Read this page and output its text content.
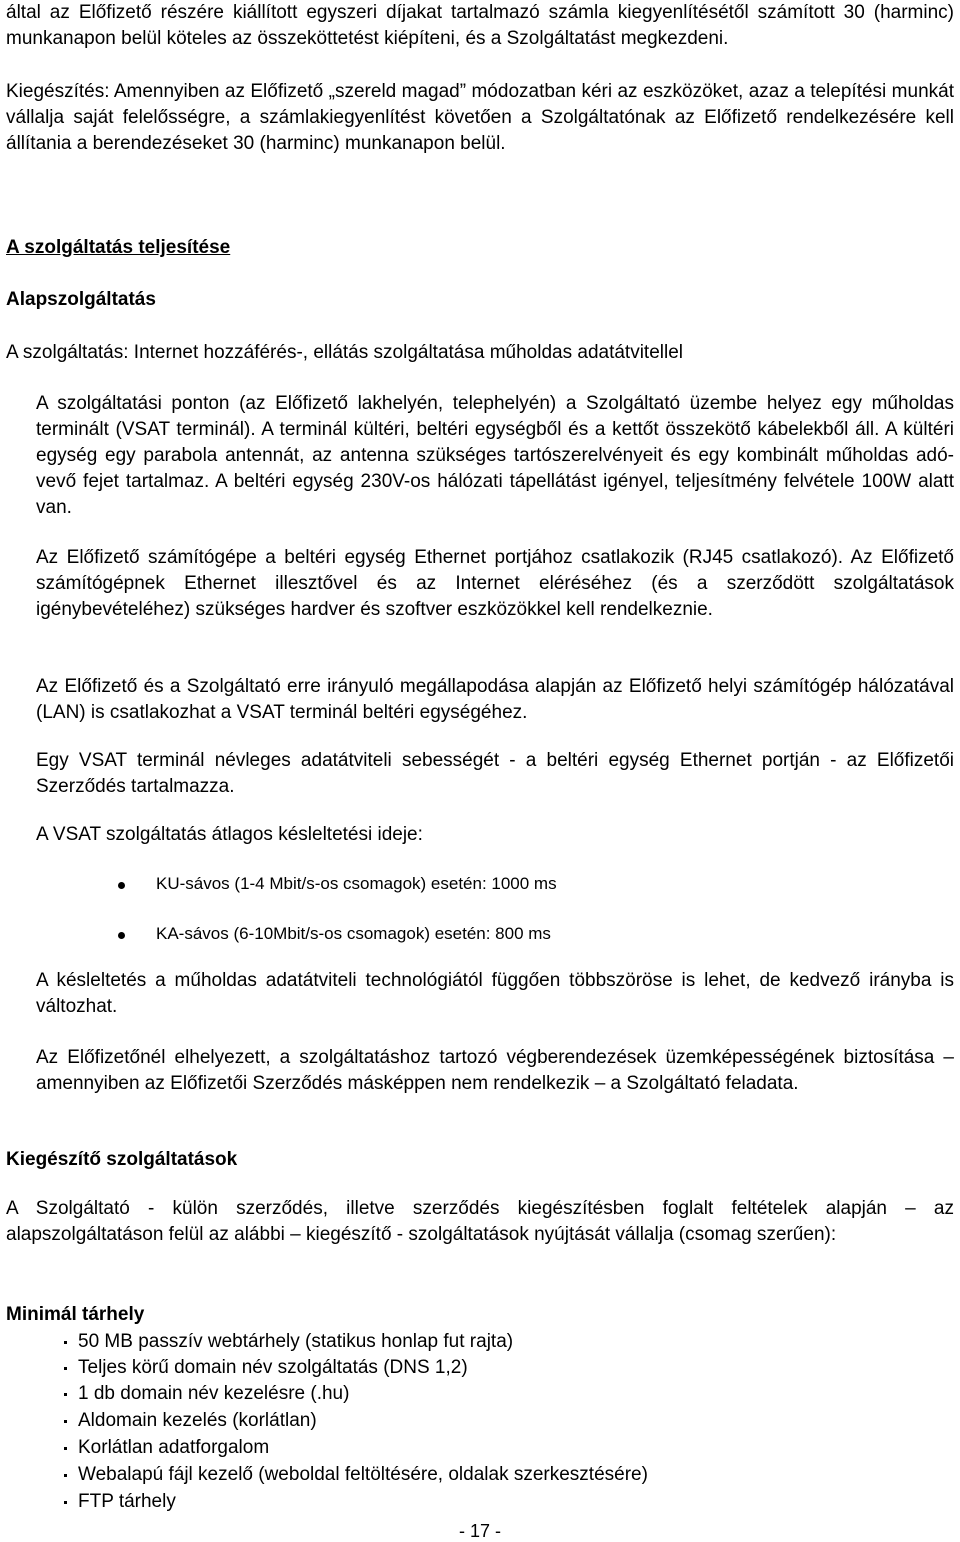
által az Előfizető részére kiállított egyszeri díjakat tartalmazó számla kiegyenlítésétől számított 30 (harminc) munkanapon belül köteles az összeköttetést kiépíteni, és a Szolgáltatást megkezdeni.

Kiegészítés: Amennyiben az Előfizető „szereld magad” módozatban kéri az eszközöket, azaz a telepítési munkát vállalja saját felelősségre, a számlakiegyenlítést követően a Szolgáltatónak az Előfizető rendelkezésére kell állítania a berendezéseket 30 (harminc) munkanapon belül.

A szolgáltatás teljesítése

Alapszolgáltatás

A szolgáltatás: Internet hozzáférés-, ellátás szolgáltatása műholdas adatátvitellel

A szolgáltatási ponton (az Előfizető lakhelyén, telephelyén) a Szolgáltató üzembe helyez egy műholdas terminált (VSAT terminál). A terminál kültéri, beltéri egységből és a kettőt összekötő kábelekből áll. A kültéri egység egy parabola antennát, az antenna szükséges tartószerelvényeit és egy kombinált műholdas adó-vevő fejet tartalmaz. A beltéri egység 230V-os hálózati tápellátást igényel, teljesítmény felvétele 100W alatt van.

Az Előfizető számítógépe a beltéri egység Ethernet portjához csatlakozik (RJ45 csatlakozó). Az Előfizető számítógépnek Ethernet illesztővel és az Internet eléréséhez (és a szerződött szolgáltatások igénybevételéhez) szükséges hardver és szoftver eszközökkel kell rendelkeznie.

Az Előfizető és a Szolgáltató erre irányuló megállapodása alapján az Előfizető helyi számítógép hálózatával (LAN) is csatlakozhat a VSAT terminál beltéri egységéhez.

Egy VSAT terminál névleges adatátviteli sebességét - a beltéri egység Ethernet portján - az Előfizetői Szerződés tartalmazza.

A VSAT szolgáltatás átlagos késleltetési ideje:

KU-sávos (1-4 Mbit/s-os csomagok) esetén: 1000 ms
KA-sávos (6-10Mbit/s-os csomagok) esetén: 800 ms

A késleltetés a műholdas adatátviteli technológiától függően többszöröse is lehet, de kedvező irányba is változhat.

Az Előfizetőnél elhelyezett, a szolgáltatáshoz tartozó végberendezések üzemképességének biztosítása – amennyiben az Előfizetői Szerződés másképpen nem rendelkezik – a Szolgáltató feladata.

Kiegészítő szolgáltatások

A Szolgáltató - külön szerződés, illetve szerződés kiegészítésben foglalt feltételek alapján – az alapszolgáltatáson felül az alábbi – kiegészítő - szolgáltatások nyújtását vállalja (csomag szerűen):

Minimál tárhely

50 MB passzív webtárhely (statikus honlap fut rajta)
Teljes körű domain név szolgáltatás (DNS 1,2)
1 db domain név kezelésre (.hu)
Aldomain kezelés (korlátlan)
Korlátlan adatforgalom
Webalapú fájl kezelő (weboldal feltöltésére, oldalak szerkesztésére)
FTP tárhely

- 17 -
